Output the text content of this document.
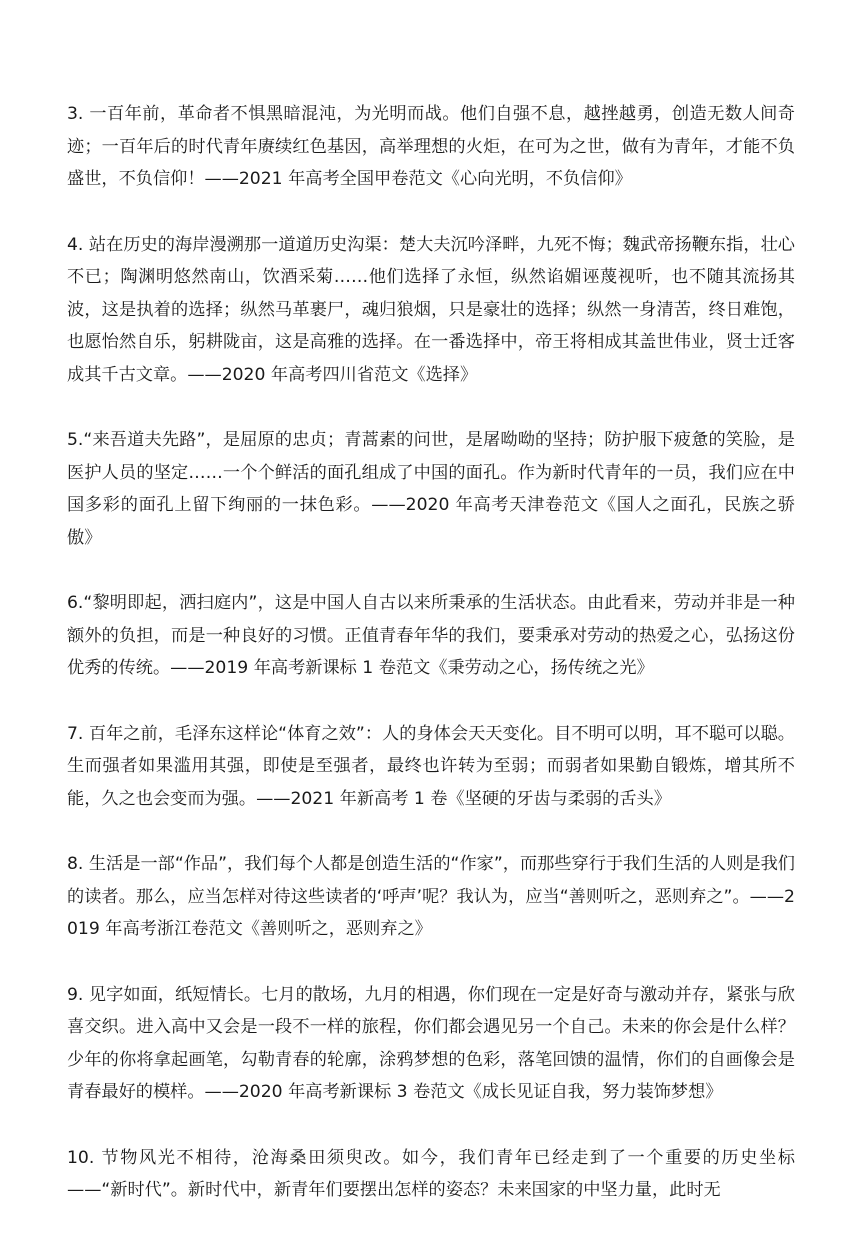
3. 一百年前，革命者不惧黑暗混沌，为光明而战。他们自强不息，越挫越勇，创造无数人间奇迹；一百年后的时代青年赓续红色基因，高举理想的火炬，在可为之世，做有为青年，才能不负盛世，不负信仰！——2021 年高考全国甲卷范文《心向光明，不负信仰》

4. 站在历史的海岸漫溯那一道道历史沟渠：楚大夫沉吟泽畔，九死不悔；魏武帝扬鞭东指，壮心不已；陶渊明悠然南山，饮酒采菊……他们选择了永恒，纵然谄媚诬蔑视听，也不随其流扬其波，这是执着的选择；纵然马革裹尸，魂归狼烟，只是豪壮的选择；纵然一身清苦，终日难饱，也愿怡然自乐，躬耕陇亩，这是高雅的选择。在一番选择中，帝王将相成其盖世伟业，贤士迁客成其千古文章。——2020 年高考四川省范文《选择》

5.“来吾道夫先路”，是屈原的忠贞；青蒿素的问世，是屠呦呦的坚持；防护服下疲惫的笑脸，是医护人员的坚定……一个个鲜活的面孔组成了中国的面孔。作为新时代青年的一员，我们应在中国多彩的面孔上留下绚丽的一抹色彩。——2020 年高考天津卷范文《国人之面孔，民族之骄傲》

6.“黎明即起，洒扫庭内”，这是中国人自古以来所秉承的生活状态。由此看来，劳动并非是一种额外的负担，而是一种良好的习惯。正值青春年华的我们，要秉承对劳动的热爱之心，弘扬这份优秀的传统。——2019 年高考新课标 1 卷范文《秉劳动之心，扬传统之光》

7. 百年之前，毛泽东这样论“体育之效”：人的身体会天天变化。目不明可以明，耳不聪可以聪。生而强者如果滥用其强，即使是至强者，最终也许转为至弱；而弱者如果勤自锻炼，增其所不能，久之也会变而为强。——2021 年新高考 1 卷《坚硬的牙齿与柔弱的舌头》

8. 生活是一部“作品”，我们每个人都是创造生活的“作家”，而那些穿行于我们生活的人则是我们的读者。那么，应当怎样对待这些读者的‘呼声’呢？我认为，应当“善则听之，恶则弃之”。——2019 年高考浙江卷范文《善则听之，恶则弃之》

9. 见字如面，纸短情长。七月的散场，九月的相遇，你们现在一定是好奇与激动并存，紧张与欣喜交织。进入高中又会是一段不一样的旅程，你们都会遇见另一个自己。未来的你会是什么样？少年的你将拿起画笔，勾勒青春的轮廓，涂鸦梦想的色彩，落笔回馈的温情，你们的自画像会是青春最好的模样。——2020 年高考新课标 3 卷范文《成长见证自我，努力装饰梦想》

10. 节物风光不相待，沧海桑田须臾改。如今，我们青年已经走到了一个重要的历史坐标——“新时代”。新时代中，新青年们要摆出怎样的姿态？未来国家的中坚力量，此时无
